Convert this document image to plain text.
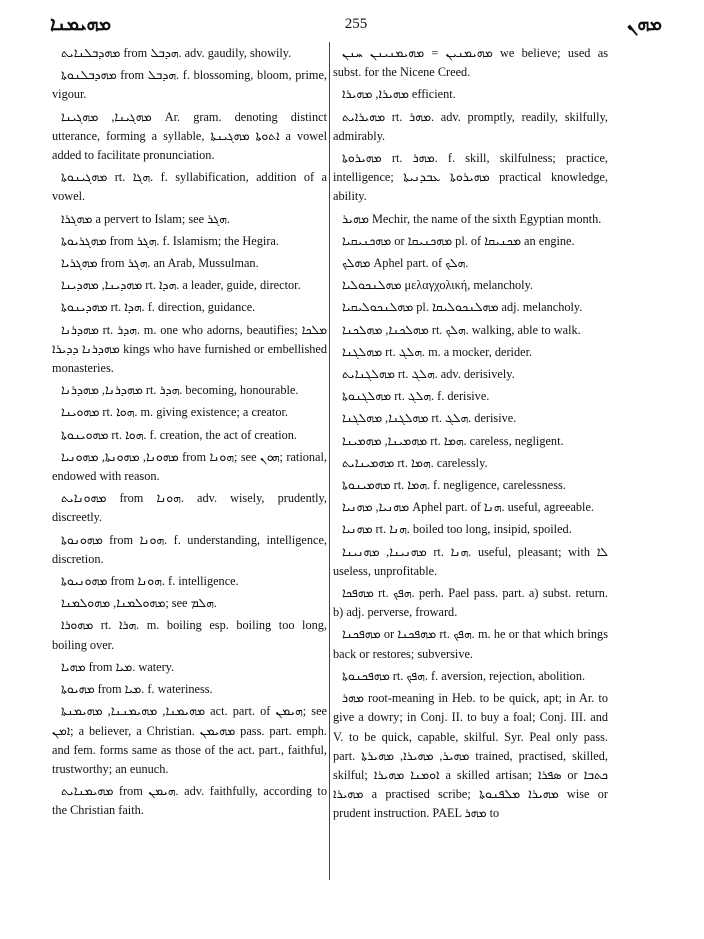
ܡܗܝܡܢܐ	255	ܡܗܢ

ܡܗܕܒܠܢܐܝܬ from ܗܕܒܠ. adv. gaudily, showily.

ܡܗܕܒܠܢܘܬܐ from ܗܕܒܠ. f. blossoming, bloom, prime, vigour.

ܡܗܓܝܢܐ, ܡܗܓܝܢܐ Ar. gram. denoting distinct utterance, forming a syllable, ܐܬܘܬܐ ܡܗܓܝܢܬܐ a vowel added to facilitate pronunciation.

ܡܗܓܝܢܘܬܐ rt. ܗܓܐ. f. syllabification, addition of a vowel.

ܡܗܓܪܐ a pervert to Islam; see ܗܓܪ.

ܡܗܓܪܝܘܬܐ from ܗܓܪ. f. Islamism; the Hegira.

ܡܗܓܪܝܐ from ܗܓܪ. an Arab, Mussulman.

ܡܗܕܝܢܐ, ܡܗܕܝܢܐ rt. ܗܕܐ. a leader, guide, director.

ܡܗܕܝܢܘܬܐ rt. ܗܕܐ. f. direction, guidance.

ܡܗܕܪܢܐ rt. ܗܕܪ. m. one who adorns, beautifies; ܡܠܟܐ ܡܗܕܪܢܐ ܕܕܝܪܐ kings who have furnished or embellished monasteries.

ܡܗܕܪܢܐ, ܡܗܕܪܢܐ rt. ܗܕܪ. becoming, honourable.

ܡܗܘܝܢܐ rt. ܗܘܐ. m. giving existence; a creator.

ܡܗܘܝܢܘܬܐ rt. ܗܘܐ. f. creation, the act of creation.

ܡܗܘܢܐ, ܡܗܘܢܬܐ, ܡܗܘܢܝܐ from ܗܘܢܐ; see ܗܘܢ; rational, endowed with reason.

ܡܗܘܢܐܝܬ from ܗܘܢܐ. adv. wisely, prudently, discreetly.

ܡܗܘܢܘܬܐ from ܗܘܢܐ. f. understanding, intelligence, discretion.

ܡܗܘܢܝܘܬܐ from ܗܘܢܐ. f. intelligence.

ܡܗܘܠܡܢܐ, ܡܗܘܠܡܢܐ; see ܗܠܡ.

ܡܗܘܪܐ rt. ܗܪܐ. m. boiling esp. boiling too long, boiling over.

ܡܗܝܐ from ܡܝܐ. watery.

ܡܗܝܘܬܐ from ܡܝܐ. f. wateriness.

ܡܗܝܡܢܐ, ܡܗܝܡܢܢܐ, ܡܗܝܡܢܬܐ act. part. of ܗܝܡܢ; see ܐܡܢ; a believer, a Christian. ܡܗܝܡܢ pass. part. emph. and fem. forms same as those of the act. part., faithful, trustworthy; an eunuch.

ܡܗܝܡܢܐܝܬ from ܗܝܡܢ. adv. faithfully, according to the Christian faith.

ܡܗܝܡܢܝܢ = ܡܗܝܡܢܝܢܢ ܚܢܢ we believe; used as subst. for the Nicene Creed.

ܡܗܝܪܐ, ܡܗܝܪܐ efficient.

ܡܗܝܪܐܝܬ rt. ܡܗܪ. adv. promptly, readily, skilfully, admirably.

ܡܗܝܪܘܬܐ rt. ܡܗܪ. f. skill, skilfulness; practice, intelligence; ܡܗܝܪܘܬܐ ܥܒܕܢܝܬܐ practical knowledge, ability.

ܡܗܝܪ Mechir, the name of the sixth Egyptian month.

ܡܗܟܢܝܩܝܐ or ܡܗܟܢܝܩܐ pl. of ܡܟܢܝܩܐ an engine.

ܡܗܠܟ Aphel part. of ܗܠܟ.

ܡܗܠܢܟܘܠܝܐ μελαγχολική, melancholy.

ܡܗܠܢܟܘܠܝܩܝܐ pl. ܡܗܠܢܟܘܠܝܩܐ adj. melancholy.

ܡܗܠܟܢܐ, ܡܗܠܟܢܐ rt. ܗܠܟ. walking, able to walk.

ܡܗܠܓܢܐ rt. ܗܠܓ. m. a mocker, derider.

ܡܗܠܓܢܐܝܬ rt. ܗܠܓ. adv. derisively.

ܡܗܠܓܢܘܬܐ rt. ܗܠܓ. f. derisive.

ܡܗܠܓܢܐ, ܡܗܠܓܢܐ rt. ܗܠܓ. derisive.

ܡܗܡܝܢܐ, ܡܗܡܝܢܐ rt. ܗܡܐ. careless, negligent.

ܡܗܡܝܢܐܝܬ rt. ܗܡܐ. carelessly.

ܡܗܡܝܢܘܬܐ rt. ܗܡܐ. f. negligence, carelessness.

ܡܗܢܝܐ, ܡܗܢܝܐ Aphel part. of ܗܢܐ. useful, agreeable.

ܡܗܢܝܐ rt. ܗܢܐ. boiled too long, insipid, spoiled.

ܡܗܢܝܢܐ, ܡܗܢܝܢܐ rt. ܗܢܐ. useful, pleasant; with ܠܐ useless, unprofitable.

ܡܗܦܟܐ rt. ܗܦܟ. perh. Pael pass. part. a) subst. return. b) adj. perverse, froward.

ܡܗܦܟܢܐ or ܡܗܦܟܢܐ rt. ܗܦܟ. m. he or that which brings back or restores; subversive.

ܡܗܦܟܢܘܬܐ rt. ܗܦܟ. f. aversion, rejection, abolition.

ܡܗܪ root-meaning in Heb. to be quick, apt; in Ar. to give a dowry; in Conj. II. to buy a foal; Conj. III. and V. to be quick, capable, skilful. Syr. Peal only pass. part. ܡܗܝܪ, ܡܗܝܪܐ, ܡܗܝܪܬܐ trained, practised, skilled, skilful; ܐܘܡܢܐ ܡܗܝܪܐ a skilled artisan; ܣܦܪܐ or ܟܬܒܐ ܡܗܝܪܐ a practised scribe; ܡܗܝܪܐ ܡܠܦܢܘܬܐ wise or prudent instruction. PAEL ܡܗܪ to
